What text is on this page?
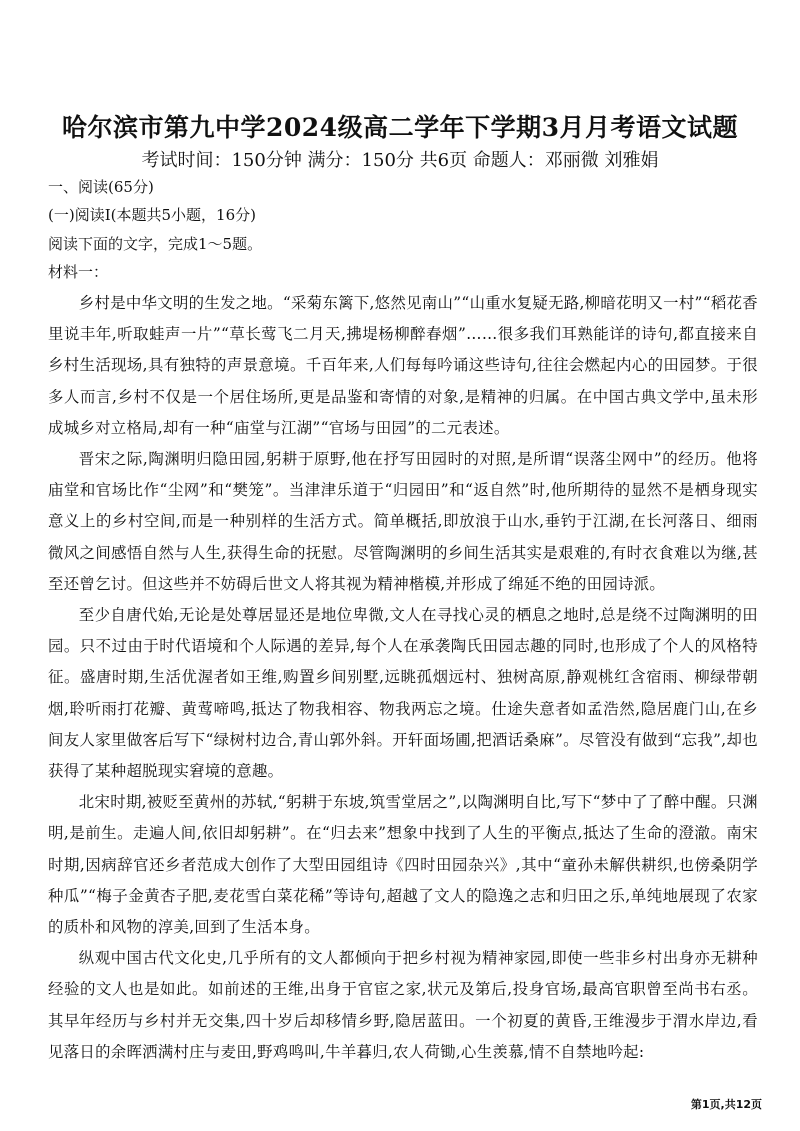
哈尔滨市第九中学2024级高二学年下学期3月月考语文试题
考试时间：150分钟 满分：150分 共6页 命题人：邓丽微 刘雅娟
一、阅读(65分)
(一)阅读Ⅰ(本题共5小题，16分)
阅读下面的文字，完成1～5题。
材料一：

乡村是中华文明的生发之地。“采菊东篱下,悠然见南山”“山重水复疑无路,柳暗花明又一村”“稻花香里说丰年,听取蛙声一片”“草长莺飞二月天,拂堤杨柳醉春烟”……很多我们耳熟能详的诗句,都直接来自乡村生活现场,具有独特的声景意境。千百年来,人们每每吟诵这些诗句,往往会燃起内心的田园梦。于很多人而言,乡村不仅是一个居住场所,更是品鉴和寄情的对象,是精神的归属。在中国古典文学中,虽未形成城乡对立格局,却有一种“庙堂与江湖”“官场与田园”的二元表述。

晋宋之际,陶渊明归隐田园,躬耕于原野,他在抒写田园时的对照,是所谓“误落尘网中”的经历。他将庙堂和官场比作“尘网”和“樊笼”。当津津乐道于“归园田”和“返自然”时,他所期待的显然不是栖身现实意义上的乡村空间,而是一种别样的生活方式。简单概括,即放浪于山水,垂钓于江湖,在长河落日、细雨微风之间感悟自然与人生,获得生命的抚慰。尽管陶渊明的乡间生活其实是艰难的,有时衣食难以为继,甚至还曾乞讨。但这些并不妨碍后世文人将其视为精神楷模,并形成了绵延不绝的田园诗派。

至少自唐代始,无论是处尊居显还是地位卑微,文人在寻找心灵的栖息之地时,总是绕不过陶渊明的田园。只不过由于时代语境和个人际遇的差异,每个人在承袭陶氏田园志趣的同时,也形成了个人的风格特征。盛唐时期,生活优渥者如王维,购置乡间别墅,远眺孤烟远村、独树高原,静观桃红含宿雨、柳绿带朝烟,聆听雨打花瓣、黄莺啼鸣,抵达了物我相容、物我两忘之境。仕途失意者如孟浩然,隐居鹿门山,在乡间友人家里做客后写下“绿树村边合,青山郭外斜。开轩面场圃,把酒话桑麻”。尽管没有做到“忘我”,却也获得了某种超脱现实窘境的意趣。

北宋时期,被贬至黄州的苏轼,“躬耕于东坡,筑雪堂居之”,以陶渊明自比,写下“梦中了了醉中醒。只渊明,是前生。走遍人间,依旧却躬耕”。在“归去来”想象中找到了人生的平衡点,抵达了生命的澄澈。南宋时期,因病辞官还乡者范成大创作了大型田园组诗《四时田园杂兴》,其中“童孙未解供耕织,也傍桑阴学种瓜”“梅子金黄杏子肥,麦花雪白菜花稀”等诗句,超越了文人的隐逸之志和归田之乐,单纯地展现了农家的质朴和风物的淳美,回到了生活本身。

纵观中国古代文化史,几乎所有的文人都倾向于把乡村视为精神家园,即使一些非乡村出身亦无耕种经验的文人也是如此。如前述的王维,出身于官宦之家,状元及第后,投身官场,最高官职曾至尚书右丞。其早年经历与乡村并无交集,四十岁后却移情乡野,隐居蓝田。一个初夏的黄昏,王维漫步于渭水岸边,看见落日的余晖洒满村庄与麦田,野鸡鸣叫,牛羊暮归,农人荷锄,心生羡慕,情不自禁地吟起:

第1页,共12页
